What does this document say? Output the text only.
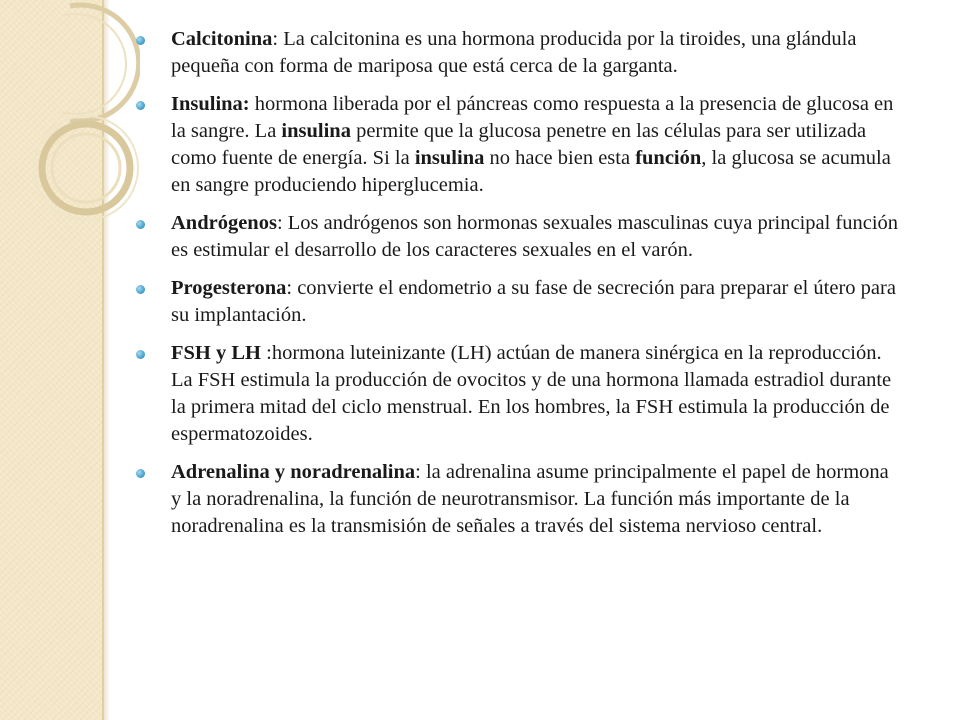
Calcitonina: La calcitonina es una hormona producida por la tiroides, una glándula pequeña con forma de mariposa que está cerca de la garganta.
Insulina: hormona liberada por el páncreas como respuesta a la presencia de glucosa en la sangre. La insulina permite que la glucosa penetre en las células para ser utilizada como fuente de energía. Si la insulina no hace bien esta función, la glucosa se acumula en sangre produciendo hiperglucemia.
Andrógenos: Los andrógenos son hormonas sexuales masculinas cuya principal función es estimular el desarrollo de los caracteres sexuales en el varón.
Progesterona: convierte el endometrio a su fase de secreción para preparar el útero para su implantación.
FSH y LH :hormona luteinizante (LH) actúan de manera sinérgica en la reproducción. La FSH estimula la producción de ovocitos y de una hormona llamada estradiol durante la primera mitad del ciclo menstrual. En los hombres, la FSH estimula la producción de espermatozoides.
Adrenalina y noradrenalina: la adrenalina asume principalmente el papel de hormona y la noradrenalina, la función de neurotransmisor. La función más importante de la noradrenalina es la transmisión de señales a través del sistema nervioso central.
